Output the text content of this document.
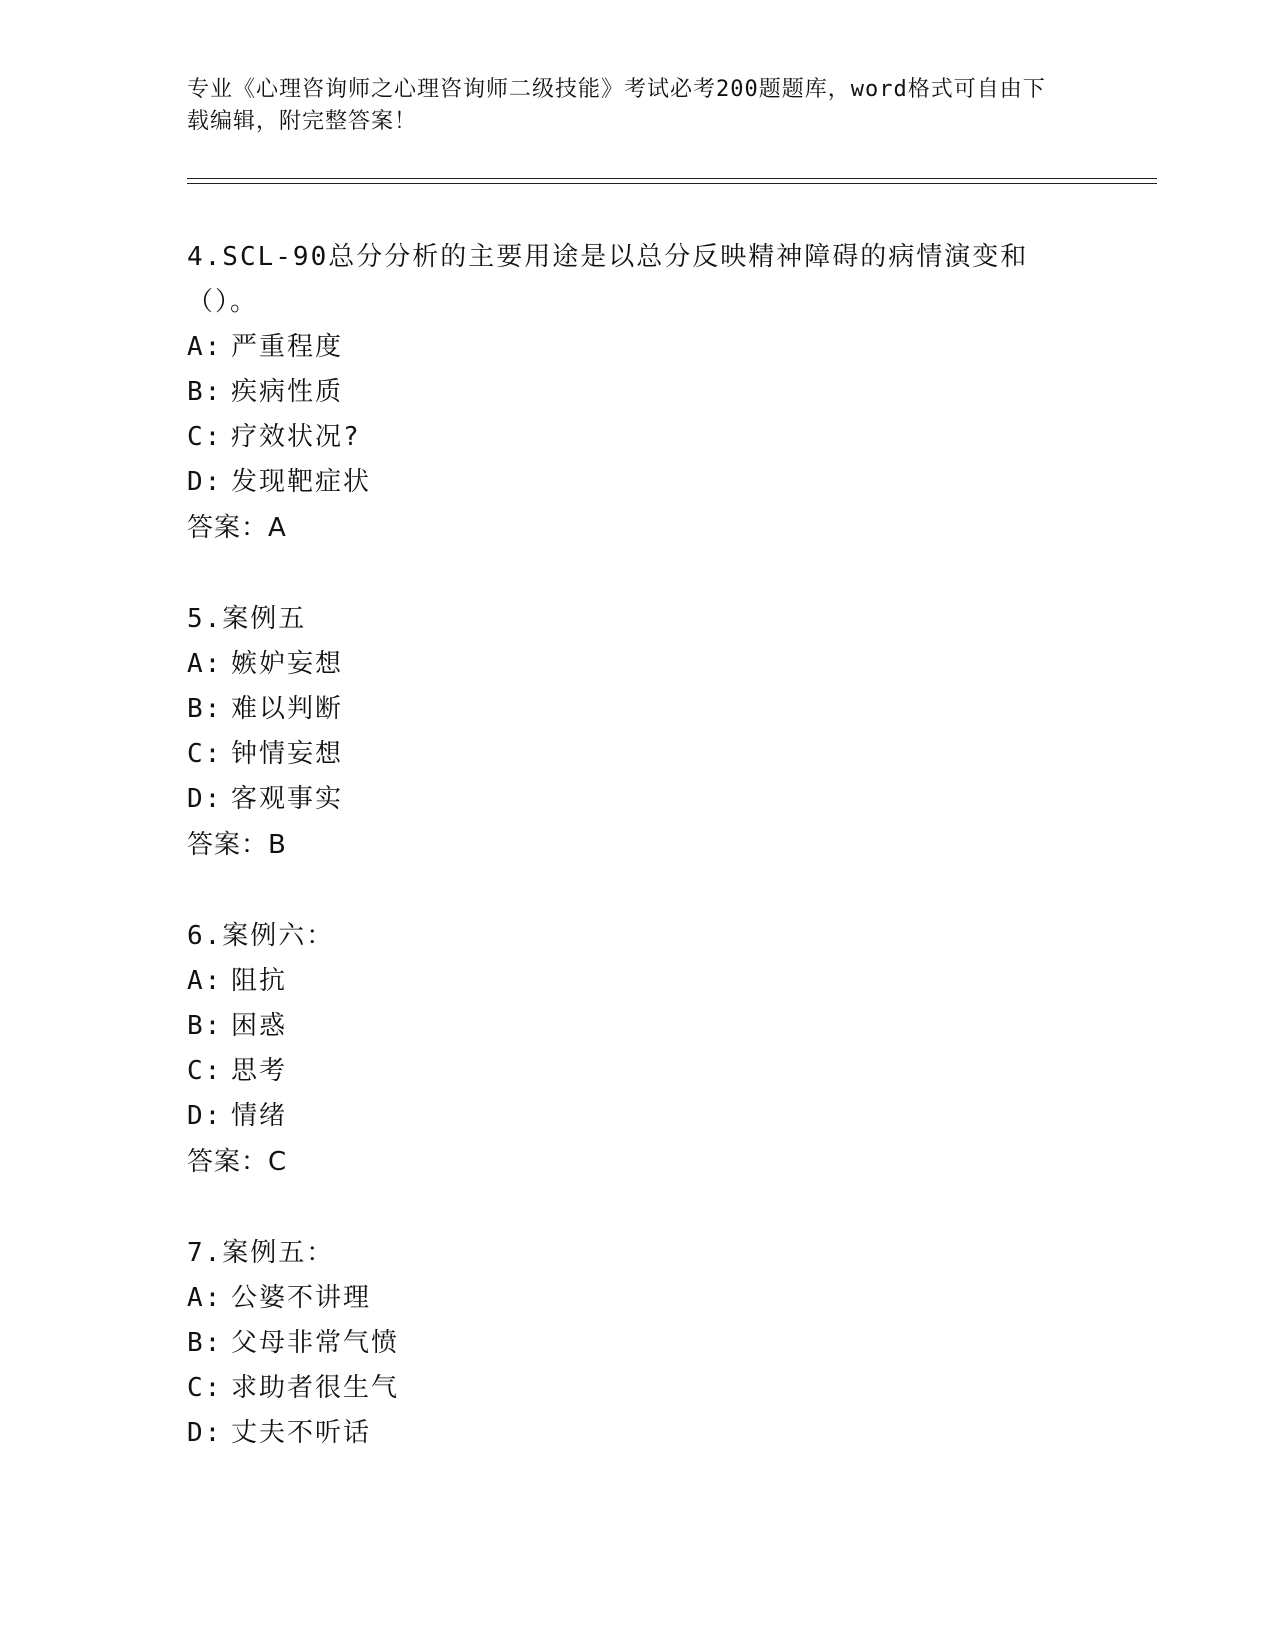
专业《心理咨询师之心理咨询师二级技能》考试必考200题题库，word格式可自由下载编辑，附完整答案！
4.SCL-90总分分析的主要用途是以总分反映精神障碍的病情演变和（）。
A: 严重程度
B: 疾病性质
C: 疗效状况?
D: 发现靶症状
答案：A
5.案例五
A: 嫉妒妄想
B: 难以判断
C: 钟情妄想
D: 客观事实
答案：B
6.案例六：
A: 阻抗
B: 困惑
C: 思考
D: 情绪
答案：C
7.案例五：
A: 公婆不讲理
B: 父母非常气愤
C: 求助者很生气
D: 丈夫不听话
